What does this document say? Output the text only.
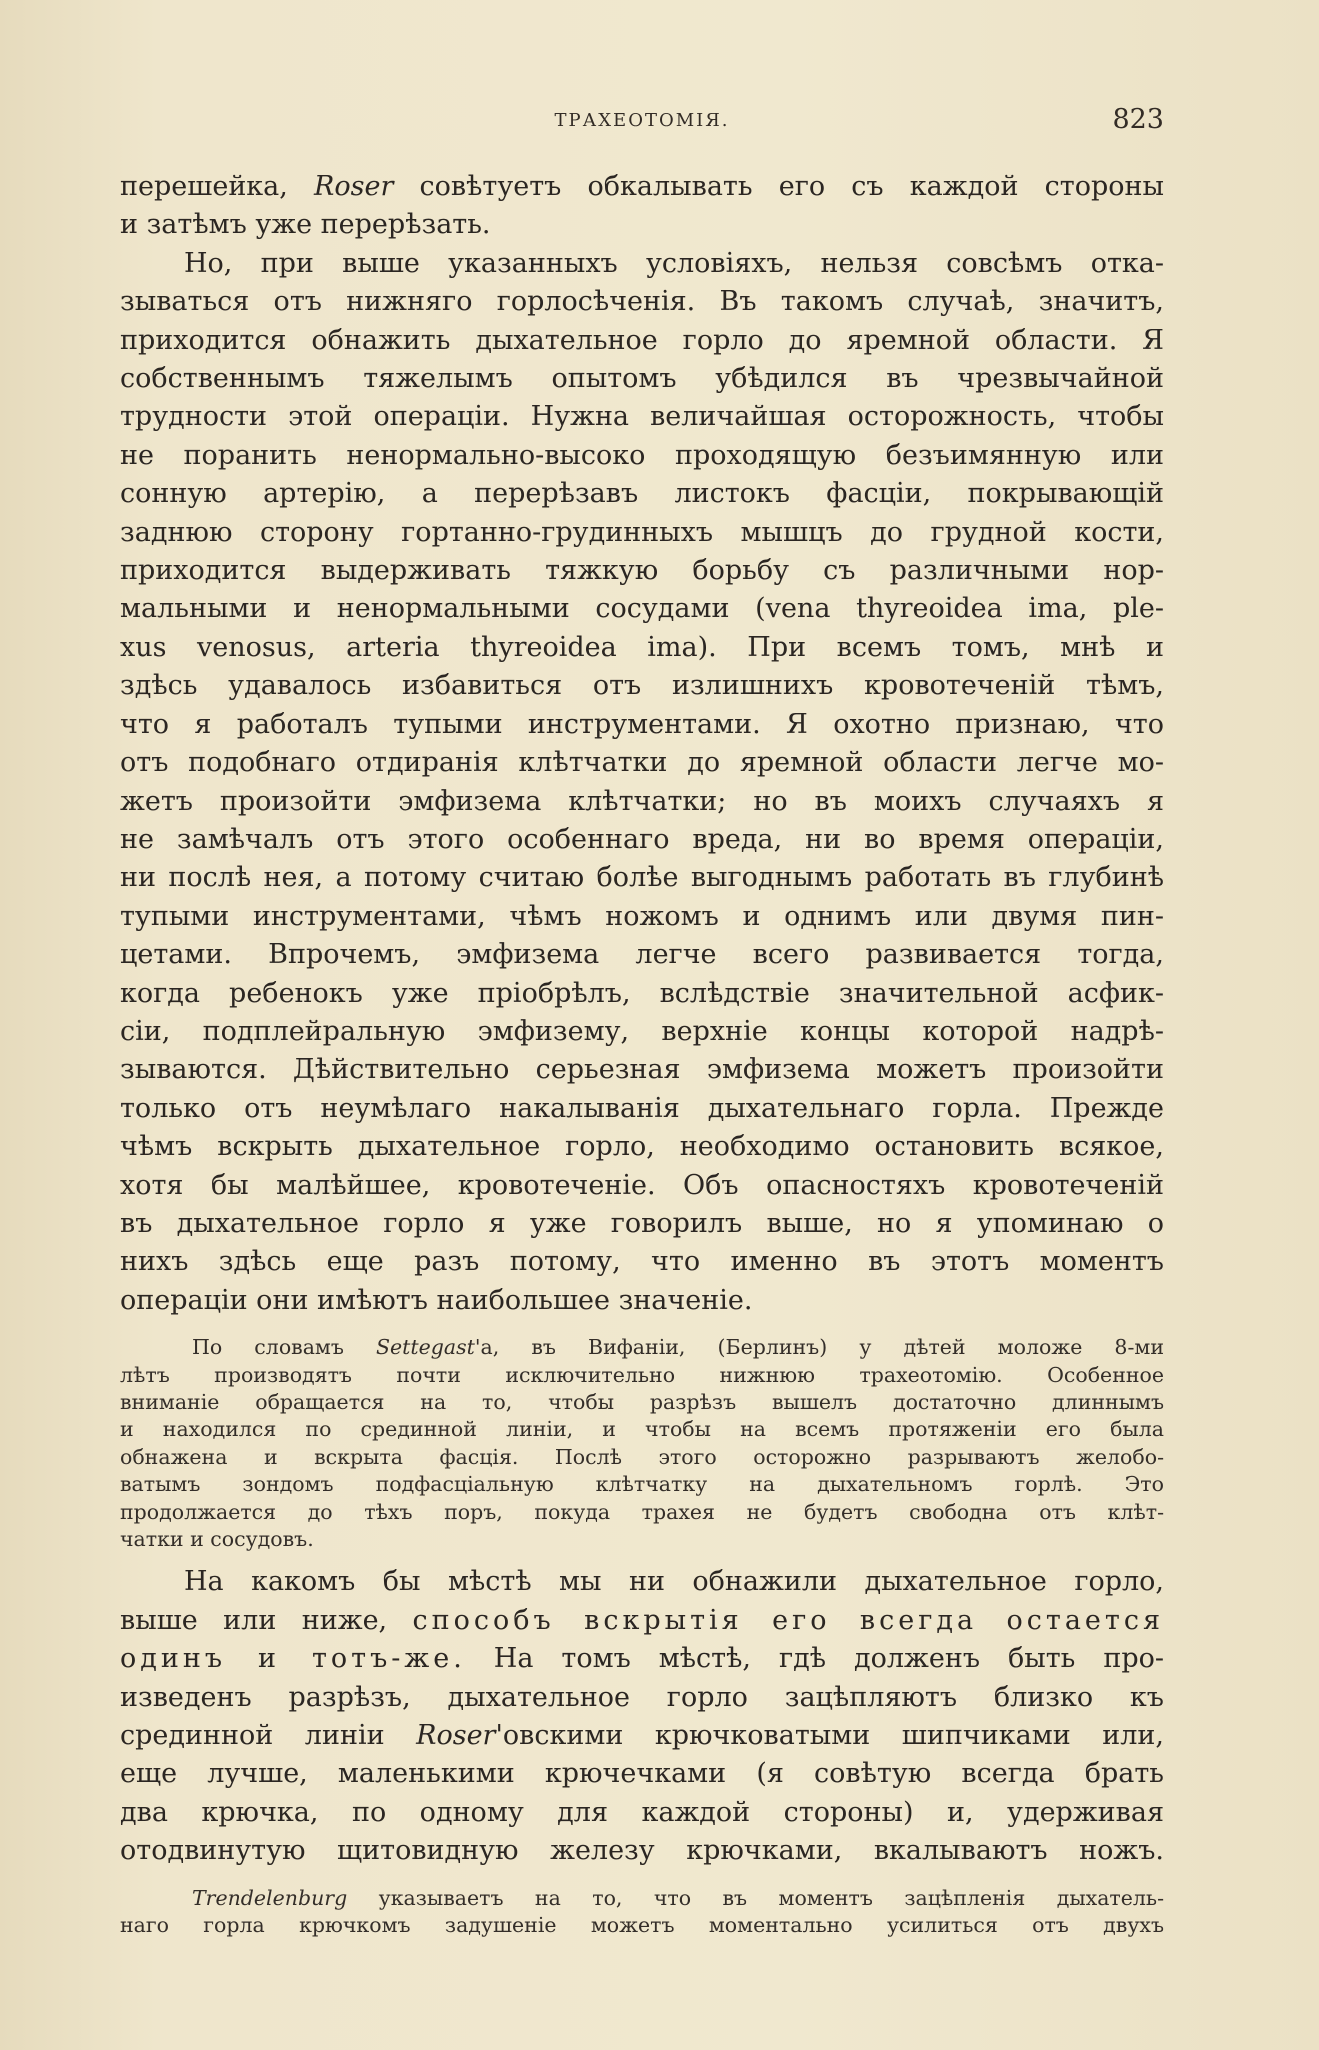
ТРАХЕОТОМІЯ.	823

перешейка, Roser совѣтуетъ обкалывать его съ каждой стороны

и затѣмъ уже перерѣзать.

Но, при выше указанныхъ условіяхъ, нельзя совсѣмъ отка-

зываться отъ нижняго горлосѣченія. Въ такомъ случаѣ, значитъ,

приходится обнажить дыхательное горло до яремной области. Я

собственнымъ тяжелымъ опытомъ убѣдился въ чрезвычайной

трудности этой операціи. Нужна величайшая осторожность, чтобы

не поранить ненормально-высоко проходящую безъимянную или

сонную артерію, а перерѣзавъ листокъ фасціи, покрывающій

заднюю сторону гортанно-грудинныхъ мышцъ до грудной кости,

приходится выдерживать тяжкую борьбу съ различными нор-

мальными и ненормальными сосудами (vena thyreoidea ima, ple-

xus venosus, arteria thyreoidea ima). При всемъ томъ, мнѣ и

здѣсь удавалось избавиться отъ излишнихъ кровотеченій тѣмъ,

что я работалъ тупыми инструментами. Я охотно признаю, что

отъ подобнаго отдиранія клѣтчатки до яремной области легче мо-

жетъ произойти эмфизема клѣтчатки; но въ моихъ случаяхъ я

не замѣчалъ отъ этого особеннаго вреда, ни во время операціи,

ни послѣ нея, а потому считаю болѣе выгоднымъ работать въ глубинѣ

тупыми инструментами, чѣмъ ножомъ и однимъ или двумя пин-

цетами. Впрочемъ, эмфизема легче всего развивается тогда,

когда ребенокъ уже пріобрѣлъ, вслѣдствіе значительной асфик-

сіи, подплейральную эмфизему, верхніе концы которой надрѣ-

зываются. Дѣйствительно серьезная эмфизема можетъ произойти

только отъ неумѣлаго накалыванія дыхательнаго горла. Прежде

чѣмъ вскрыть дыхательное горло, необходимо остановить всякое,

хотя бы малѣйшее, кровотеченіе. Объ опасностяхъ кровотеченій

въ дыхательное горло я уже говорилъ выше, но я упоминаю о

нихъ здѣсь еще разъ потому, что именно въ этотъ моментъ

операціи они имѣютъ наибольшее значеніе.

По словамъ Settegast'a, въ Вифаніи, (Берлинъ) у дѣтей моложе 8-ми

лѣтъ производятъ почти исключительно нижнюю трахеотомію. Особенное

вниманіе обращается на то, чтобы разрѣзъ вышелъ достаточно длиннымъ

и находился по срединной линіи, и чтобы на всемъ протяженіи его была

обнажена и вскрыта фасція. Послѣ этого осторожно разрываютъ желобо-

ватымъ зондомъ подфасціальную клѣтчатку на дыхательномъ горлѣ. Это

продолжается до тѣхъ поръ, покуда трахея не будетъ свободна отъ клѣт-

чатки и сосудовъ.

На какомъ бы мѣстѣ мы ни обнажили дыхательное горло,

выше или ниже, способъ вскрытія его всегда остается

одинъ и тотъ-же. На томъ мѣстѣ, гдѣ долженъ быть про-

изведенъ разрѣзъ, дыхательное горло зацѣпляютъ близко къ

срединной линіи Roser'овскими крючковатыми шипчиками или,

еще лучше, маленькими крючечками (я совѣтую всегда брать

два крючка, по одному для каждой стороны) и, удерживая

отодвинутую щитовидную железу крючками, вкалываютъ ножъ.

Trendelenburg указываетъ на то, что въ моментъ зацѣпленія дыхатель-

наго горла крючкомъ задушеніе можетъ моментально усилиться отъ двухъ
